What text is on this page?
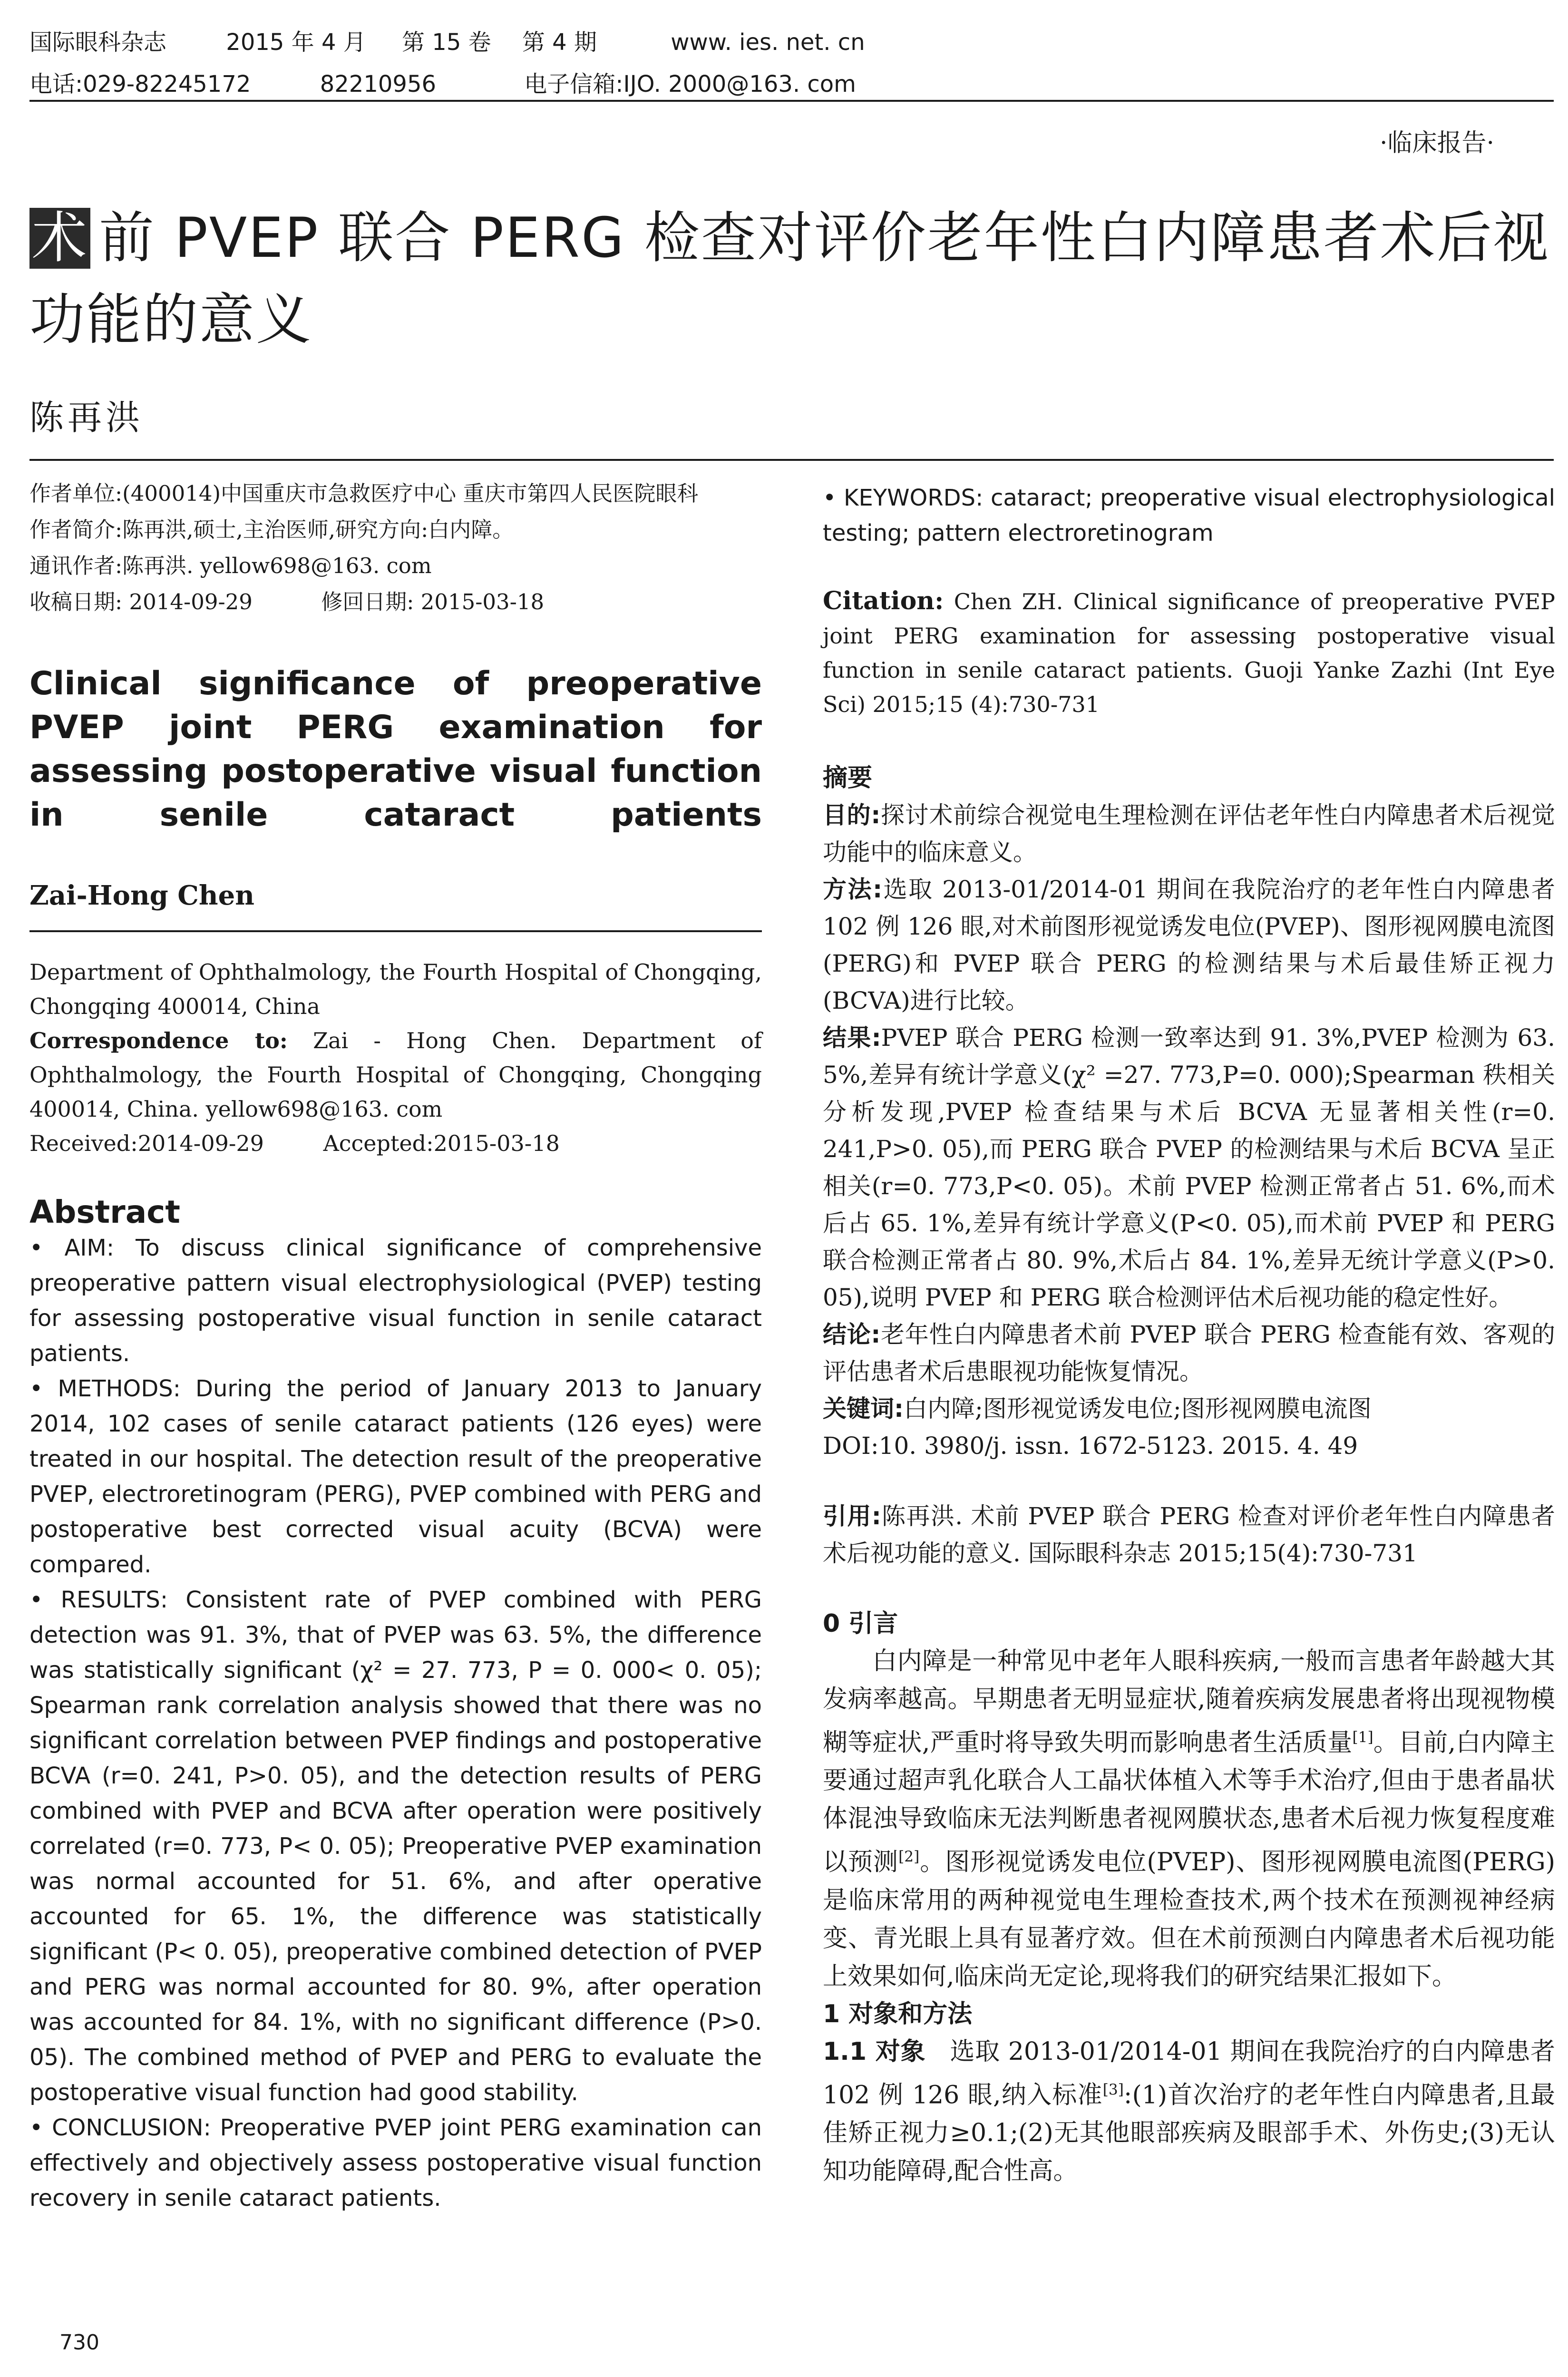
国际眼科杂志	2015 年 4 月 第 15 卷 第 4 期	www. ies. net. cn
电话:029-82245172	82210956	电子信箱:IJO. 2000@163. com
·临床报告·
术 前 PVEP 联合 PERG 检查对评价老年性白内障患者术后视功能的意义
陈再洪
作者单位:(400014)中国重庆市急救医疗中心 重庆市第四人民医院眼科
作者简介:陈再洪,硕士,主治医师,研究方向:白内障。
通讯作者:陈再洪. yellow698@163. com
收稿日期: 2014-09-29	修回日期: 2015-03-18
Clinical significance of preoperative PVEP joint PERG examination for assessing postoperative visual function in senile cataract patients
Zai-Hong Chen
Department of Ophthalmology, the Fourth Hospital of Chongqing, Chongqing 400014, China
Correspondence to: Zai - Hong Chen. Department of Ophthalmology, the Fourth Hospital of Chongqing, Chongqing 400014, China. yellow698@163. com
Received:2014-09-29	Accepted:2015-03-18
Abstract

• AIM: To discuss clinical significance of comprehensive preoperative pattern visual electrophysiological (PVEP) testing for assessing postoperative visual function in senile cataract patients.

• METHODS: During the period of January 2013 to January 2014, 102 cases of senile cataract patients (126 eyes) were treated in our hospital. The detection result of the preoperative PVEP, electroretinogram (PERG), PVEP combined with PERG and postoperative best corrected visual acuity (BCVA) were compared.

• RESULTS: Consistent rate of PVEP combined with PERG detection was 91. 3%, that of PVEP was 63. 5%, the difference was statistically significant (χ² = 27. 773, P = 0. 000< 0. 05); Spearman rank correlation analysis showed that there was no significant correlation between PVEP findings and postoperative BCVA (r=0. 241, P>0. 05), and the detection results of PERG combined with PVEP and BCVA after operation were positively correlated (r=0. 773, P< 0. 05); Preoperative PVEP examination was normal accounted for 51. 6%, and after operative accounted for 65. 1%, the difference was statistically significant (P< 0. 05), preoperative combined detection of PVEP and PERG was normal accounted for 80. 9%, after operation was accounted for 84. 1%, with no significant difference (P>0. 05). The combined method of PVEP and PERG to evaluate the postoperative visual function had good stability.

• CONCLUSION: Preoperative PVEP joint PERG examination can effectively and objectively assess postoperative visual function recovery in senile cataract patients.

• KEYWORDS: cataract; preoperative visual electrophysiological testing; pattern electroretinogram

Citation: Chen ZH. Clinical significance of preoperative PVEP joint PERG examination for assessing postoperative visual function in senile cataract patients. Guoji Yanke Zazhi (Int Eye Sci) 2015;15 (4):730-731
摘要

目的:探讨术前综合视觉电生理检测在评估老年性白内障患者术后视觉功能中的临床意义。

方法:选取 2013-01/2014-01 期间在我院治疗的老年性白内障患者 102 例 126 眼,对术前图形视觉诱发电位(PVEP)、图形视网膜电流图(PERG)和 PVEP 联合 PERG 的检测结果与术后最佳矫正视力(BCVA)进行比较。

结果:PVEP 联合 PERG 检测一致率达到 91. 3%,PVEP 检测为 63. 5%,差异有统计学意义(χ² =27. 773,P=0. 000);Spearman 秩相关分析发现,PVEP 检查结果与术后 BCVA 无显著相关性(r=0. 241,P>0. 05),而 PERG 联合 PVEP 的检测结果与术后 BCVA 呈正相关(r=0. 773,P<0. 05)。术前 PVEP 检测正常者占 51. 6%,而术后占 65. 1%,差异有统计学意义(P<0. 05),而术前 PVEP 和 PERG 联合检测正常者占 80. 9%,术后占 84. 1%,差异无统计学意义(P>0. 05),说明 PVEP 和 PERG 联合检测评估术后视功能的稳定性好。

结论:老年性白内障患者术前 PVEP 联合 PERG 检查能有效、客观的评估患者术后患眼视功能恢复情况。

关键词:白内障;图形视觉诱发电位;图形视网膜电流图

DOI:10. 3980/j. issn. 1672-5123. 2015. 4. 49

引用:陈再洪. 术前 PVEP 联合 PERG 检查对评价老年性白内障患者术后视功能的意义. 国际眼科杂志 2015;15(4):730-731

0 引言

白内障是一种常见中老年人眼科疾病,一般而言患者年龄越大其发病率越高。早期患者无明显症状,随着疾病发展患者将出现视物模糊等症状,严重时将导致失明而影响患者生活质量[1]。目前,白内障主要通过超声乳化联合人工晶状体植入术等手术治疗,但由于患者晶状体混浊导致临床无法判断患者视网膜状态,患者术后视力恢复程度难以预测[2]。图形视觉诱发电位(PVEP)、图形视网膜电流图(PERG)是临床常用的两种视觉电生理检查技术,两个技术在预测视神经病变、青光眼上具有显著疗效。但在术前预测白内障患者术后视功能上效果如何,临床尚无定论,现将我们的研究结果汇报如下。

1 对象和方法

1.1 对象 选取 2013-01/2014-01 期间在我院治疗的白内障患者 102 例 126 眼,纳入标准[3]:(1)首次治疗的老年性白内障患者,且最佳矫正视力≥0.1;(2)无其他眼部疾病及眼部手术、外伤史;(3)无认知功能障碍,配合性高。

730
